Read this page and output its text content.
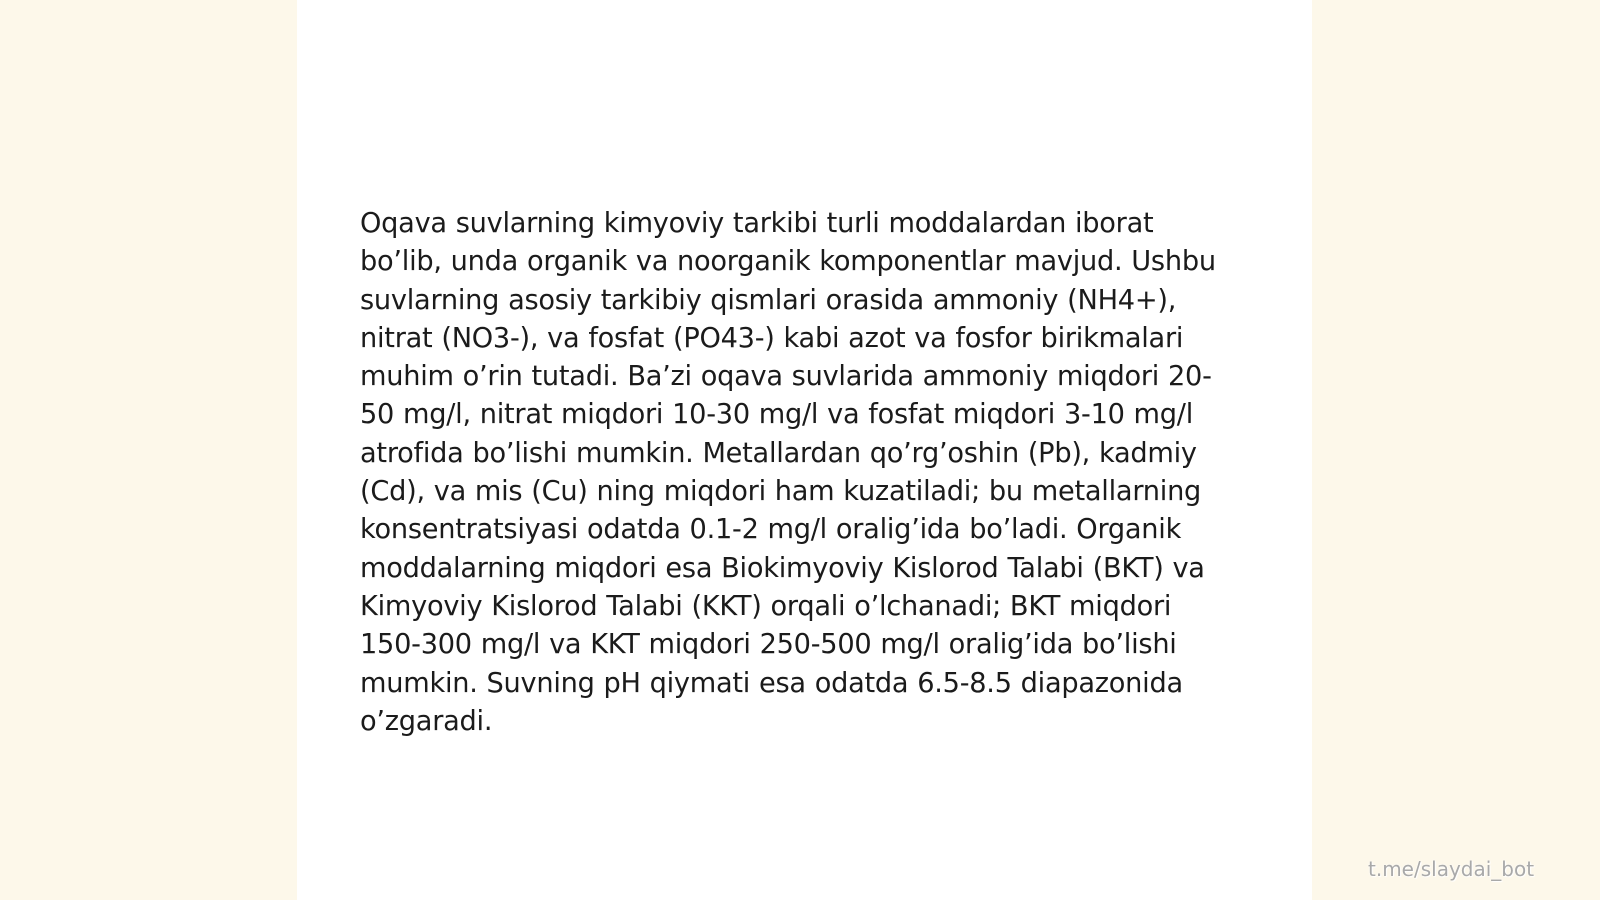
Oqava suvlarning kimyoviy tarkibi turli moddalardan iborat bo’lib, unda organik va noorganik komponentlar mavjud. Ushbu suvlarning asosiy tarkibiy qismlari orasida ammoniy (NH4+), nitrat (NO3-), va fosfat (PO43-) kabi azot va fosfor birikmalari muhim o’rin tutadi. Ba’zi oqava suvlarida ammoniy miqdori 20-50 mg/l, nitrat miqdori 10-30 mg/l va fosfat miqdori 3-10 mg/l atrofida bo’lishi mumkin. Metallardan qo’rg’oshin (Pb), kadmiy (Cd), va mis (Cu) ning miqdori ham kuzatiladi; bu metallarning konsentratsiyasi odatda 0.1-2 mg/l oralig’ida bo’ladi. Organik moddalarning miqdori esa Biokimyoviy Kislorod Talabi (BKT) va Kimyoviy Kislorod Talabi (KKT) orqali o’lchanadi; BKT miqdori 150-300 mg/l va KKT miqdori 250-500 mg/l oralig’ida bo’lishi mumkin. Suvning pH qiymati esa odatda 6.5-8.5 diapazonida o’zgaradi.

t.me/slaydai_bot
